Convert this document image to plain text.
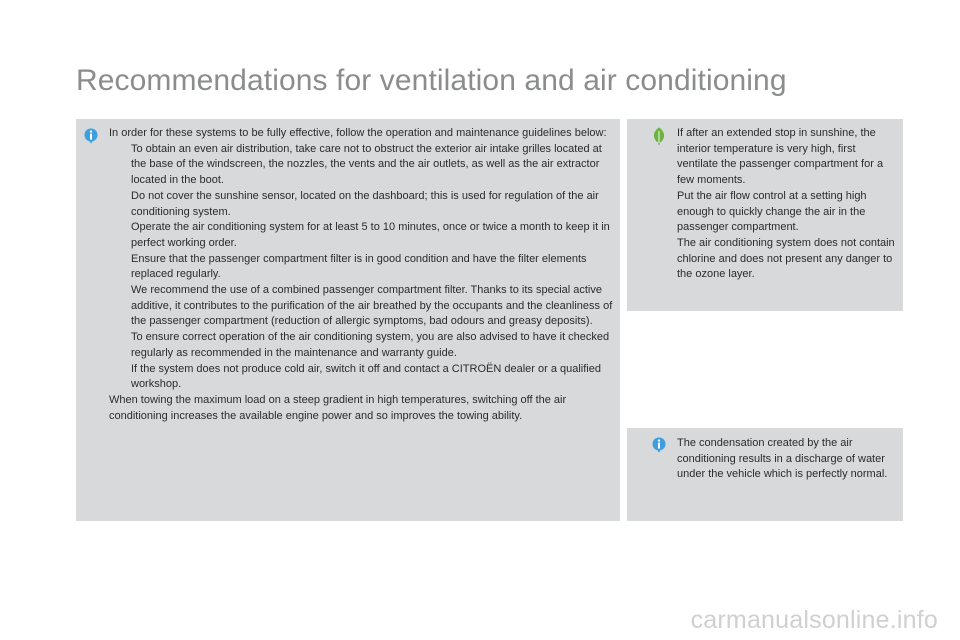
Recommendations for ventilation and air conditioning

In order for these systems to be fully effective, follow the operation and maintenance guidelines below:

To obtain an even air distribution, take care not to obstruct the exterior air intake grilles located at the base of the windscreen, the nozzles, the vents and the air outlets, as well as the air extractor located in the boot.

Do not cover the sunshine sensor, located on the dashboard; this is used for regulation of the air conditioning system.

Operate the air conditioning system for at least 5 to 10 minutes, once or twice a month to keep it in perfect working order.

Ensure that the passenger compartment filter is in good condition and have the filter elements replaced regularly.

We recommend the use of a combined passenger compartment filter. Thanks to its special active additive, it contributes to the purification of the air breathed by the occupants and the cleanliness of the passenger compartment (reduction of allergic symptoms, bad odours and greasy deposits).

To ensure correct operation of the air conditioning system, you are also advised to have it checked regularly as recommended in the maintenance and warranty guide.

If the system does not produce cold air, switch it off and contact a CITROËN dealer or a qualified workshop.

When towing the maximum load on a steep gradient in high temperatures, switching off the air conditioning increases the available engine power and so improves the towing ability.

If after an extended stop in sunshine, the interior temperature is very high, first ventilate the passenger compartment for a few moments.

Put the air flow control at a setting high enough to quickly change the air in the passenger compartment.

The air conditioning system does not contain chlorine and does not present any danger to the ozone layer.

The condensation created by the air conditioning results in a discharge of water under the vehicle which is perfectly normal.
carmanualsonline.info
